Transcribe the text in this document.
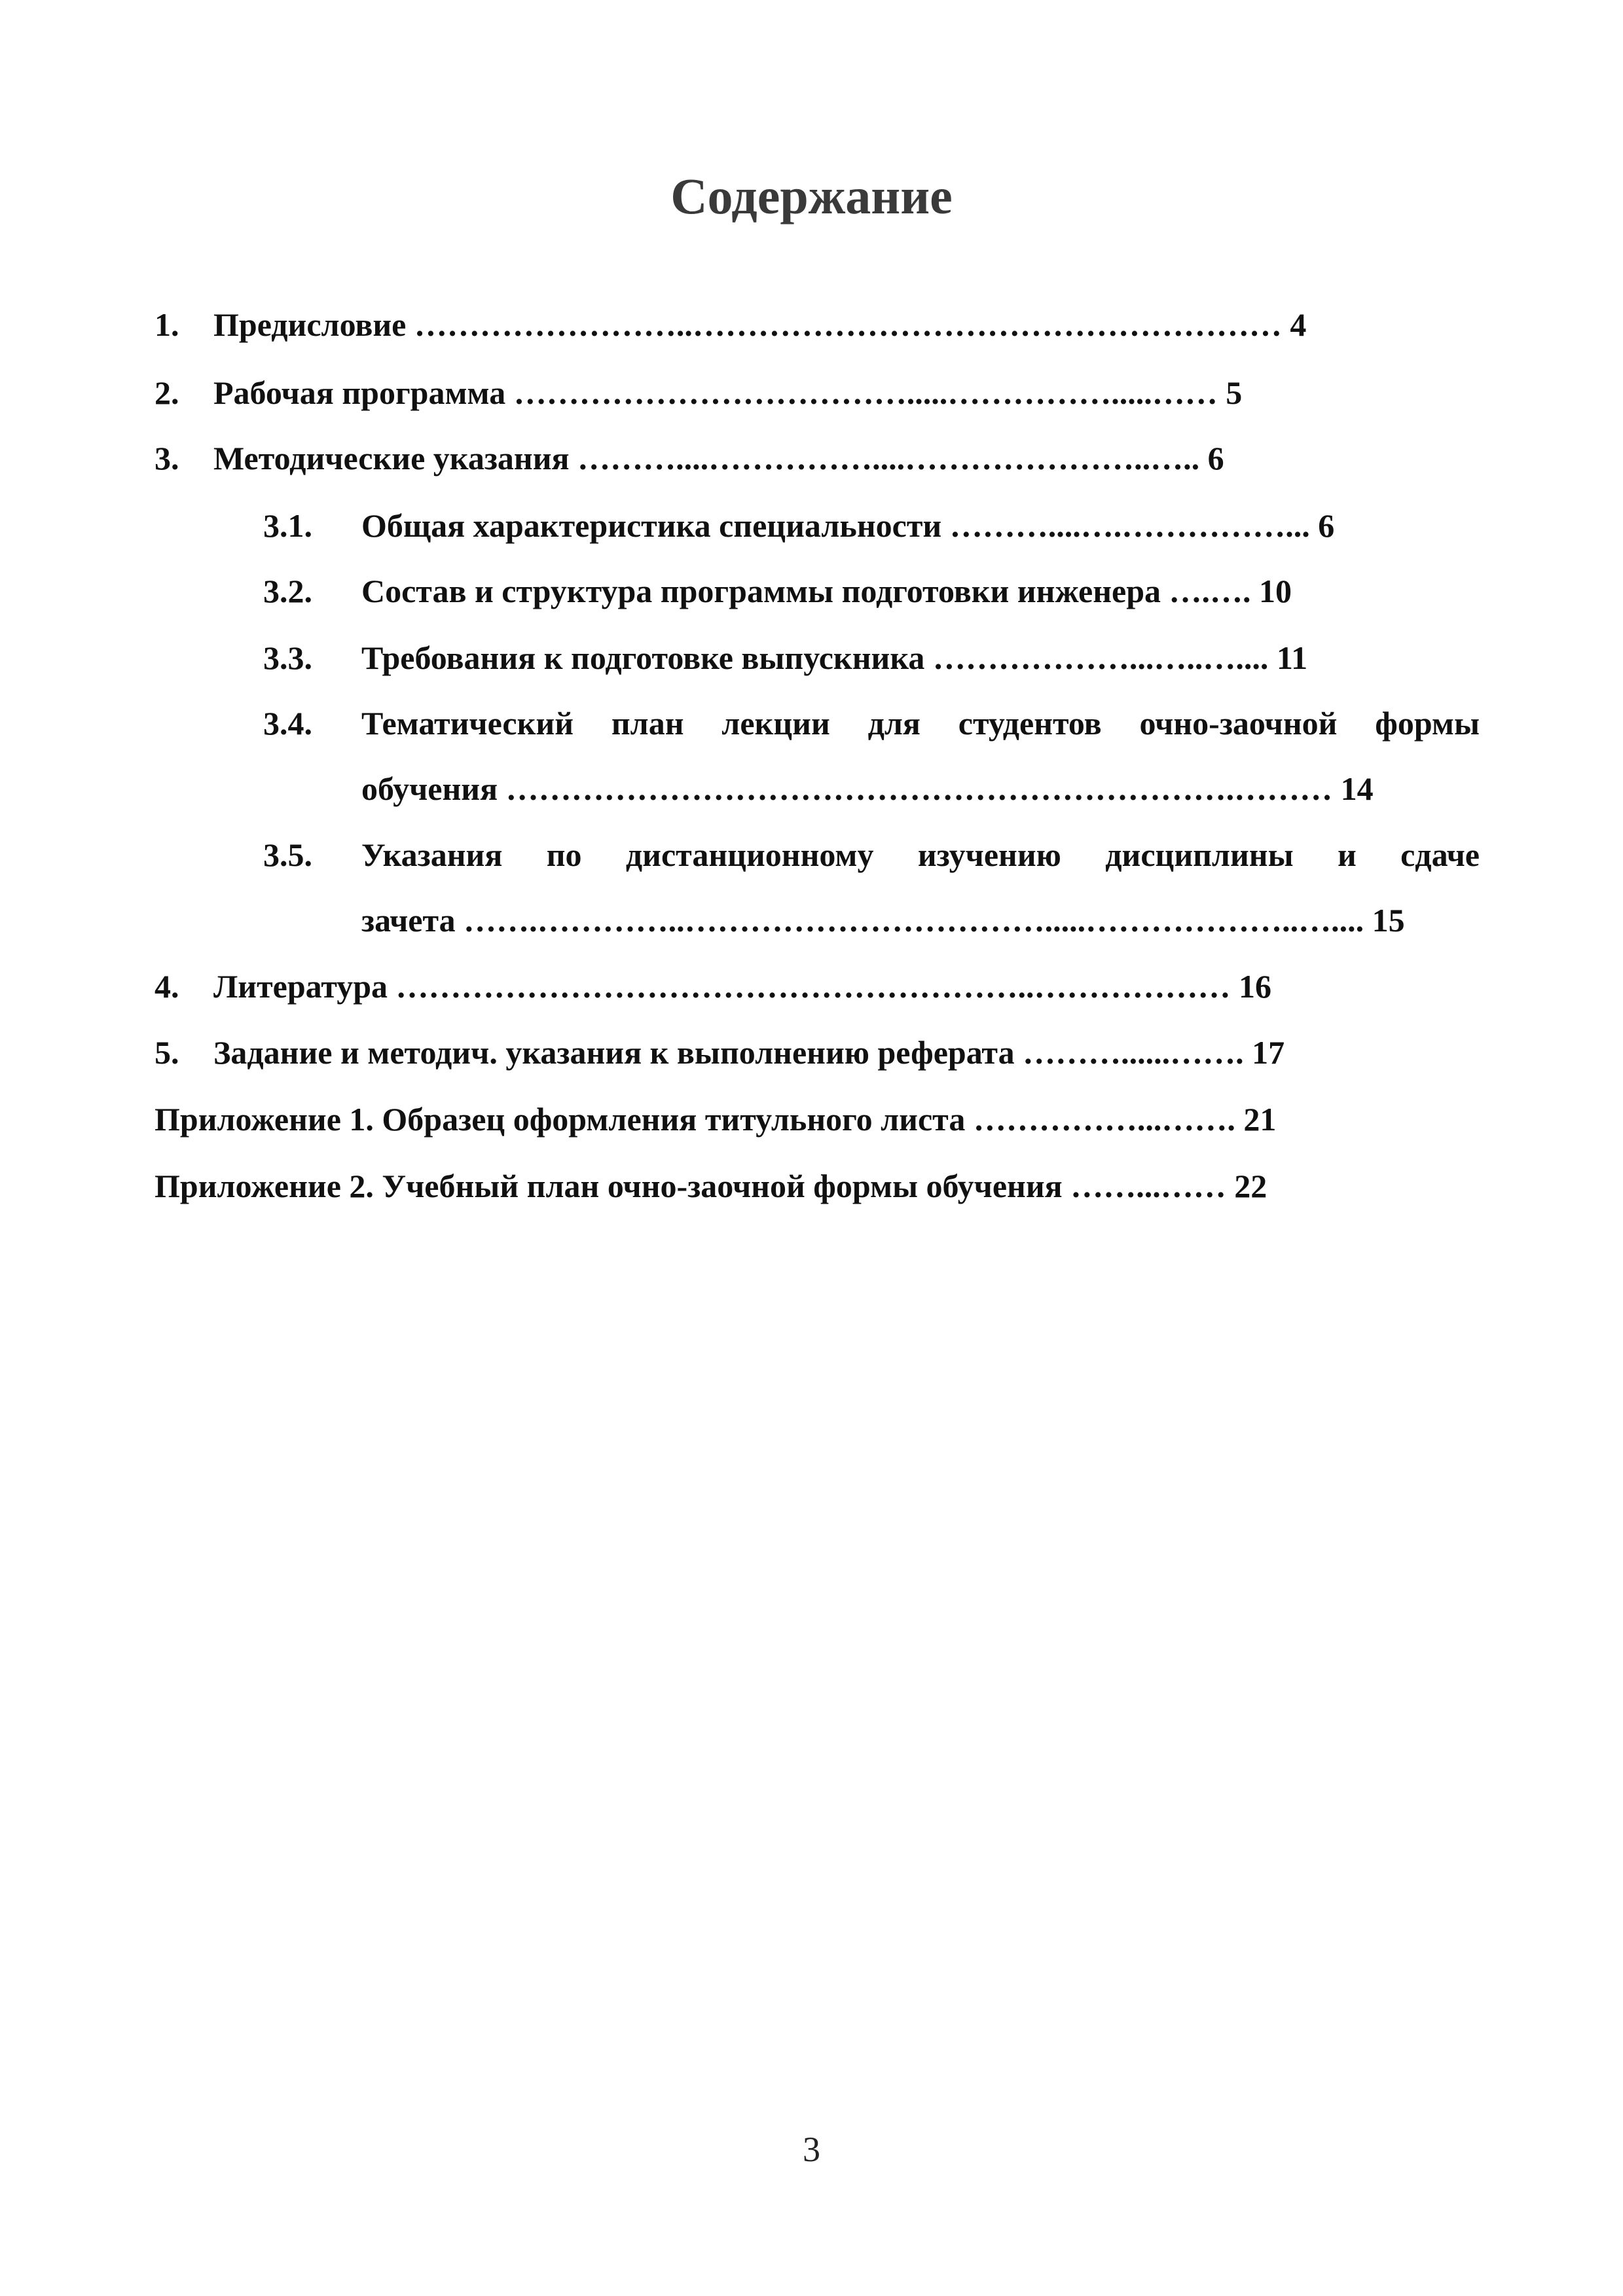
Содержание
1. Предисловие ……………………..……………………………………………… 4
2. Рабочая программа ……………………………….....…………….....…… 5
3. Методические указания ………....……………....…………………..….. 6
3.1. Общая характеристика специальности ………....….……………... 6
3.2. Состав и структура программы подготовки инженера ….…. 10
3.3. Требования к подготовке выпускника ………………...…..….... 11
3.4. Тематический план лекции для студентов очно-заочной формы
обучения ………………………………………………………….……… 14
3.5. Указания по дистанционному изучению дисциплины и сдаче
зачета …….…………..…………………………….....………………..….... 15
4. Литература …………………………………………………..……………… 16
5. Задание и методич. указания к выполнению реферата ………......……. 17
Приложение 1. Образец оформления титульного листа ……………...……. 21
Приложение 2. Учебный план очно-заочной формы обучения ……...…… 22
3
